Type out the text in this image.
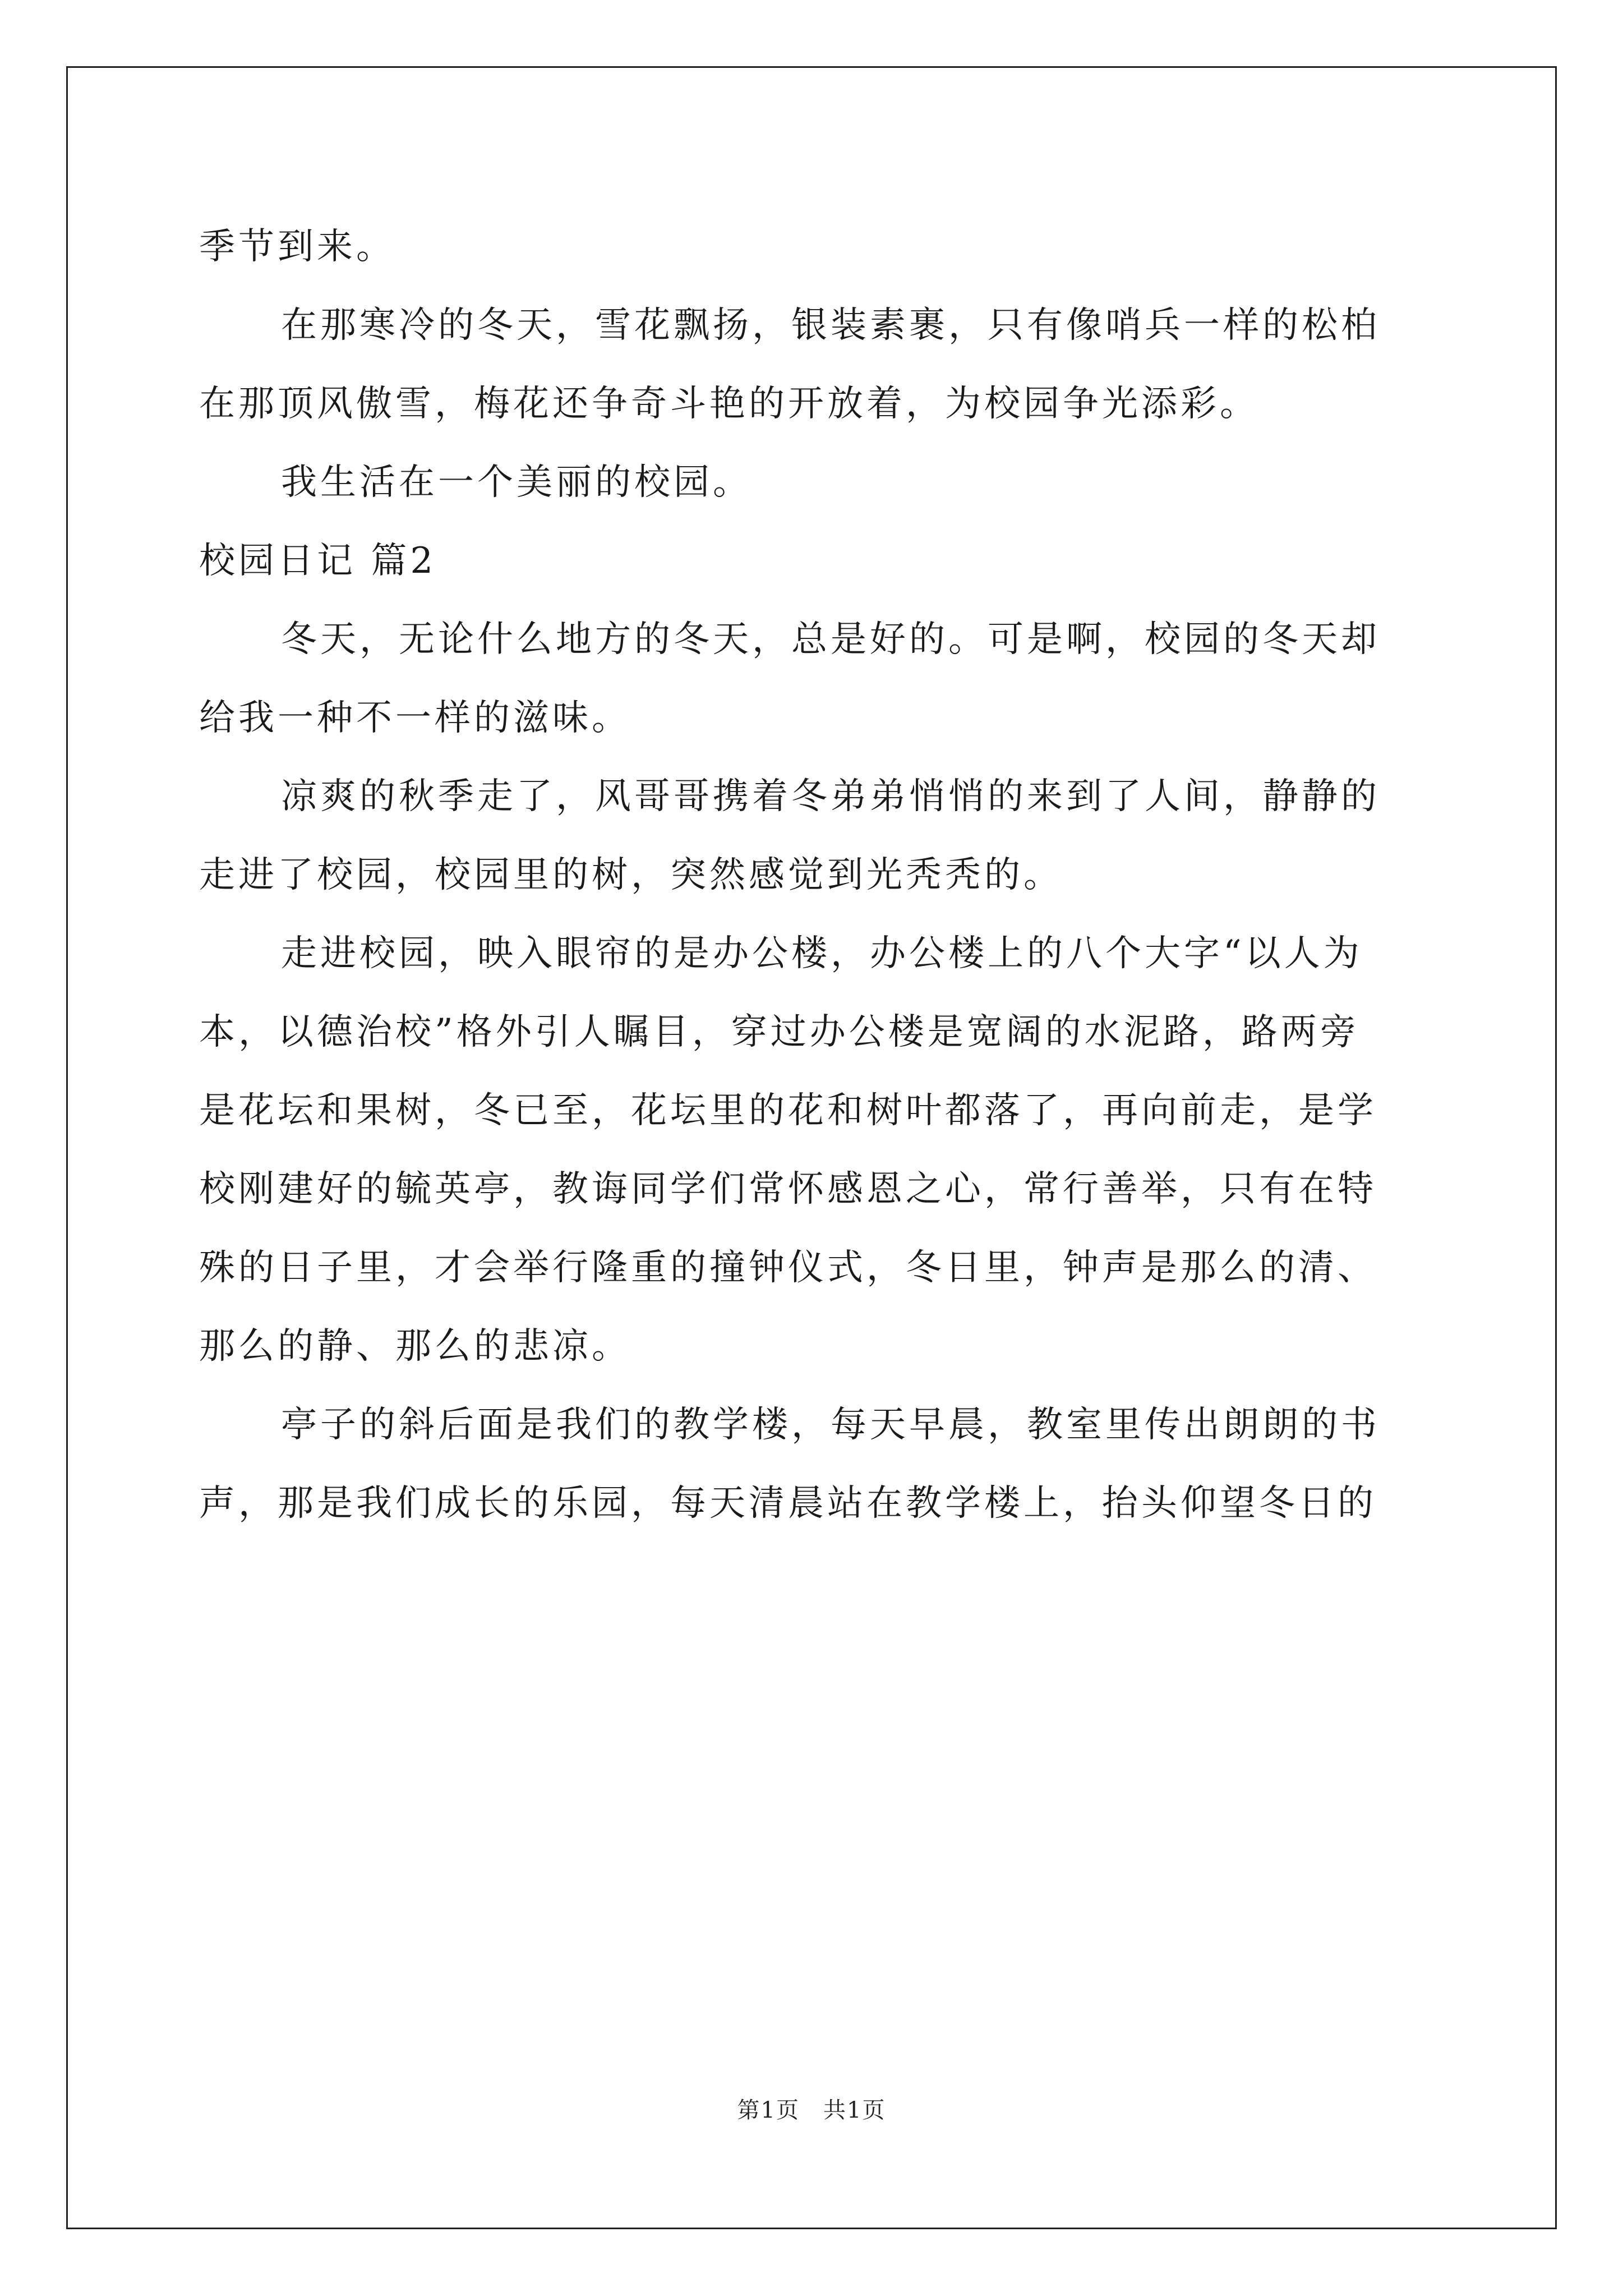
季节到来。
在那寒冷的冬天，雪花飘扬，银装素裹，只有像哨兵一样的松柏
在那顶风傲雪，梅花还争奇斗艳的开放着，为校园争光添彩。
我生活在一个美丽的校园。
校园日记 篇2
冬天，无论什么地方的冬天，总是好的。可是啊，校园的冬天却
给我一种不一样的滋味。
凉爽的秋季走了，风哥哥携着冬弟弟悄悄的来到了人间，静静的
走进了校园，校园里的树，突然感觉到光秃秃的。
走进校园，映入眼帘的是办公楼，办公楼上的八个大字“以人为
本，以德治校”格外引人瞩目，穿过办公楼是宽阔的水泥路，路两旁
是花坛和果树，冬已至，花坛里的花和树叶都落了，再向前走，是学
校刚建好的毓英亭，教诲同学们常怀感恩之心，常行善举，只有在特
殊的日子里，才会举行隆重的撞钟仪式，冬日里，钟声是那么的清、
那么的静、那么的悲凉。
亭子的斜后面是我们的教学楼，每天早晨，教室里传出朗朗的书
声，那是我们成长的乐园，每天清晨站在教学楼上，抬头仰望冬日的
第1页　共1页
